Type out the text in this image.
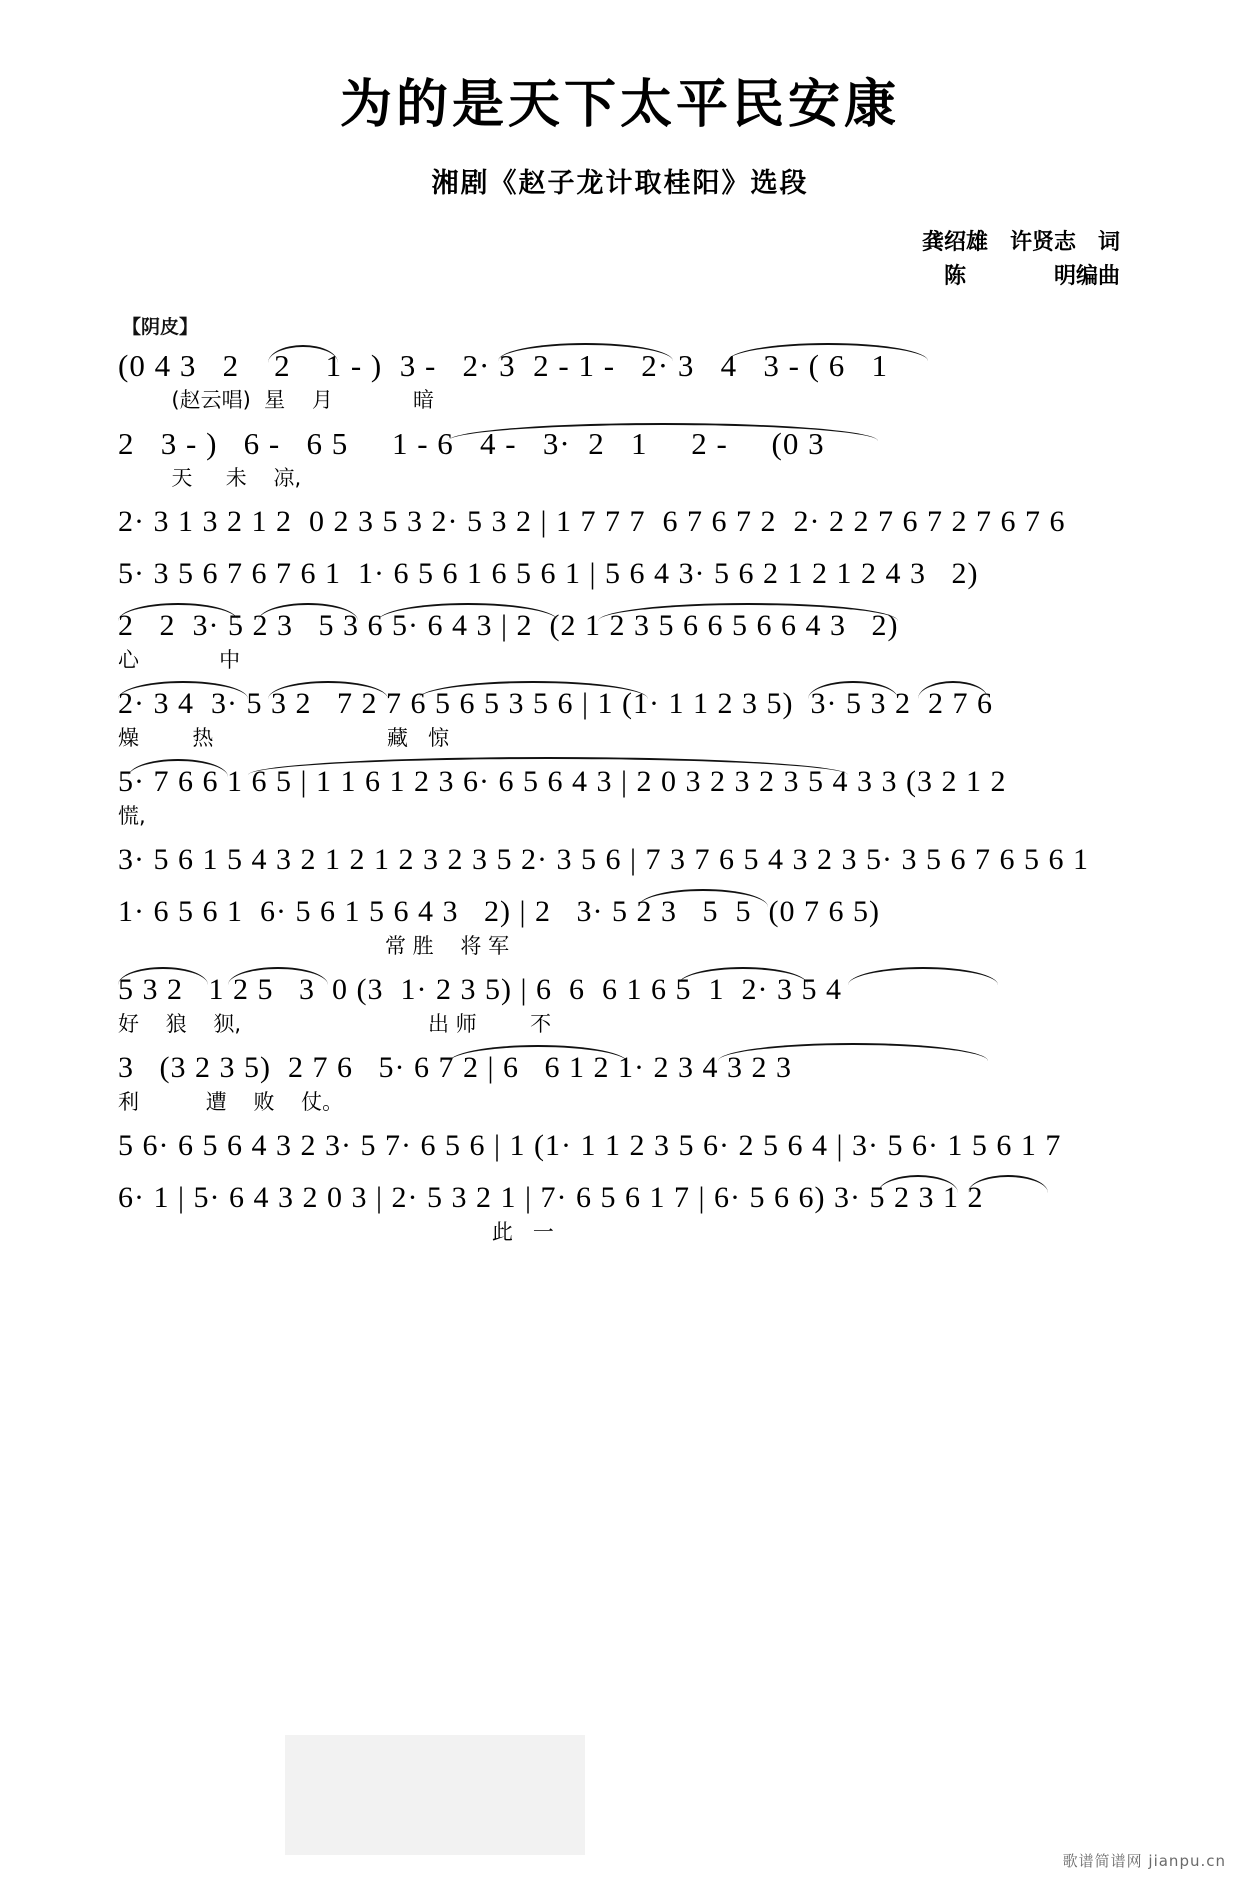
为的是天下太平民安康
湘剧《赵子龙计取桂阳》选段
龚绍雄　许贤志　词
陈　　　　明编曲
【阴皮】
(0 4 3   2    2    1 - )  3 -   2· 3  2 - 1 -   2· 3   4   3 - ( 6   1
(赵云唱)  星    月            暗
2   3 - )   6 -   6 5     1 - 6   4 -   3·  2   1     2 -     (0 3
天     未    凉,
2· 3 1 3 2 1 2  0 2 3 5 3 2· 5 3 2 | 1 7 7 7  6 7 6 7 2  2· 2 2 7 6 7 2 7 6 7 6
5· 3 5 6 7 6 7 6 1  1· 6 5 6 1 6 5 6 1 | 5 6 4 3· 5 6 2 1 2 1 2 4 3   2)
2   2  3· 5 2 3   5 3 6 5· 6 4 3 | 2  (2 1 2 3 5 6 6 5 6 6 4 3   2)
心            中
2· 3 4  3· 5 3 2   7 2 7 6 5 6 5 3 5 6 | 1 (1· 1 1 2 3 5)  3· 5 3 2  2 7 6
燥        热                          藏   惊
5· 7 6 6 1 6 5 | 1 1 6 1 2 3 6· 6 5 6 4 3 | 2 0 3 2 3 2 3 5 4 3 3 (3 2 1 2
慌,
3· 5 6 1 5 4 3 2 1 2 1 2 3 2 3 5 2· 3 5 6 | 7 3 7 6 5 4 3 2 3 5· 3 5 6 7 6 5 6 1
1· 6 5 6 1  6· 5 6 1 5 6 4 3   2) | 2   3· 5 2 3   5  5  (0 7 6 5)
常 胜    将 军
5 3 2   1 2 5   3  0 (3  1· 2 3 5) | 6  6  6 1 6 5  1  2· 3 5 4
好    狼    狈,                            出 师        不
3   (3 2 3 5)  2 7 6   5· 6 7 2 | 6   6 1 2 1· 2 3 4 3 2 3
利          遭    败    仗。
5 6· 6 5 6 4 3 2 3· 5 7· 6 5 6 | 1 (1· 1 1 2 3 5 6· 2 5 6 4 | 3· 5 6· 1 5 6 1 7
6· 1 | 5· 6 4 3 2 0 3 | 2· 5 3 2 1 | 7· 6 5 6 1 7 | 6· 5 6 6) 3· 5 2 3 1 2
此   一
歌谱简谱网 jianpu.cn
